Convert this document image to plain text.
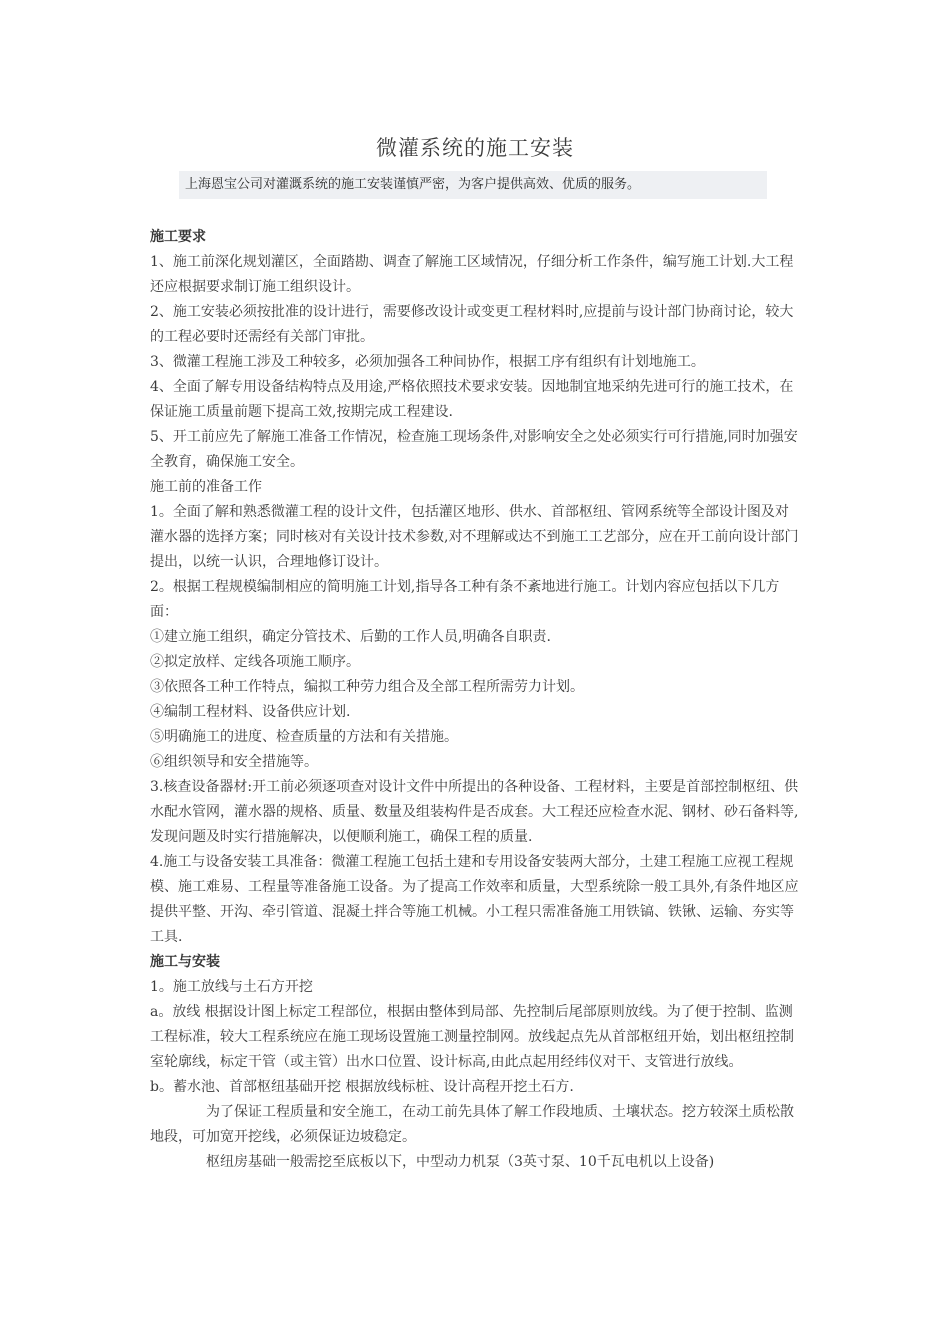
微灌系统的施工安装
上海恩宝公司对灌溉系统的施工安装谨慎严密，为客户提供高效、优质的服务。

施工要求

1、施工前深化规划灌区，全面踏勘、调查了解施工区域情况，仔细分析工作条件，编写施工计划.大工程还应根据要求制订施工组织设计。

2、施工安装必须按批准的设计进行，需要修改设计或变更工程材料时,应提前与设计部门协商讨论，较大的工程必要时还需经有关部门审批。

3、微灌工程施工涉及工种较多，必须加强各工种间协作，根据工序有组织有计划地施工。

4、全面了解专用设备结构特点及用途,严格依照技术要求安装。因地制宜地采纳先进可行的施工技术，在保证施工质量前题下提高工效,按期完成工程建设.

5、开工前应先了解施工准备工作情况，检查施工现场条件,对影响安全之处必须实行可行措施,同时加强安全教育，确保施工安全。

施工前的准备工作

1。全面了解和熟悉微灌工程的设计文件，包括灌区地形、供水、首部枢纽、管网系统等全部设计图及对灌水器的选择方案；同时核对有关设计技术参数,对不理解或达不到施工工艺部分，应在开工前向设计部门提出，以统一认识，合理地修订设计。

2。根据工程规模编制相应的简明施工计划,指导各工种有条不紊地进行施工。计划内容应包括以下几方面：

①建立施工组织，确定分管技术、后勤的工作人员,明确各自职责.

②拟定放样、定线各项施工顺序。

③依照各工种工作特点，编拟工种劳力组合及全部工程所需劳力计划。

④编制工程材料、设备供应计划.

⑤明确施工的进度、检查质量的方法和有关措施。

⑥组织领导和安全措施等。

3.核查设备器材:开工前必须逐项查对设计文件中所提出的各种设备、工程材料，主要是首部控制枢纽、供水配水管网，灌水器的规格、质量、数量及组装构件是否成套。大工程还应检查水泥、钢材、砂石备料等,发现问题及时实行措施解决，以便顺利施工，确保工程的质量.

4.施工与设备安装工具准备：微灌工程施工包括土建和专用设备安装两大部分，土建工程施工应视工程规模、施工难易、工程量等准备施工设备。为了提高工作效率和质量，大型系统除一般工具外,有条件地区应提供平整、开沟、牵引管道、混凝土拌合等施工机械。小工程只需准备施工用铁镐、铁锹、运输、夯实等工具.

施工与安装

1。施工放线与土石方开挖

a。放线 根据设计图上标定工程部位，根据由整体到局部、先控制后尾部原则放线。为了便于控制、监测工程标准，较大工程系统应在施工现场设置施工测量控制网。放线起点先从首部枢纽开始，划出枢纽控制室轮廓线，标定干管（或主管）出水口位置、设计标高,由此点起用经纬仪对干、支管进行放线。

b。蓄水池、首部枢纽基础开挖 根据放线标桩、设计高程开挖土石方.

为了保证工程质量和安全施工，在动工前先具体了解工作段地质、土壤状态。挖方较深土质松散地段，可加宽开挖线，必须保证边坡稳定。

枢纽房基础一般需挖至底板以下，中型动力机泵（3英寸泵、10千瓦电机以上设备)
